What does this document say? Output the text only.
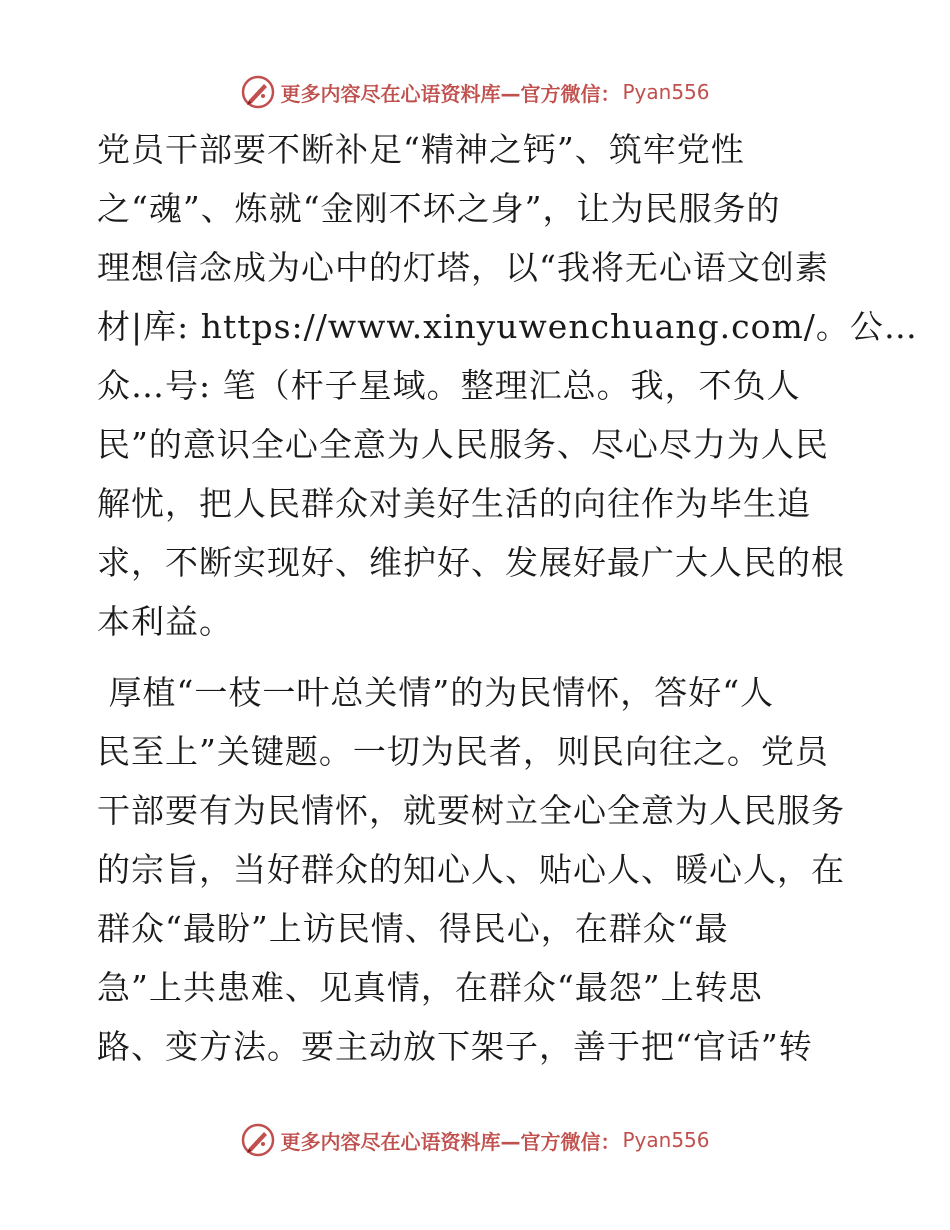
更多内容尽在心语资料库—官方微信： Pyan556
党员干部要不断补足“精神之钙”、筑牢党性
之“魂”、炼就“金刚不坏之身”，让为民服务的
理想信念成为心中的灯塔，以“我将无心语文创素
材|库: https://www.xinyuwenchuang.com/。公…
众…号: 笔（杆子星域。整理汇总。我，不负人
民”的意识全心全意为人民服务、尽心尽力为人民
解忧，把人民群众对美好生活的向往作为毕生追
求，不断实现好、维护好、发展好最广大人民的根
本利益。
厚植“一枝一叶总关情”的为民情怀，答好“人
民至上”关键题。一切为民者，则民向往之。党员
干部要有为民情怀，就要树立全心全意为人民服务
的宗旨，当好群众的知心人、贴心人、暖心人，在
群众“最盼”上访民情、得民心，在群众“最
急”上共患难、见真情，在群众“最怨”上转思
路、变方法。要主动放下架子，善于把“官话”转
更多内容尽在心语资料库—官方微信： Pyan556
